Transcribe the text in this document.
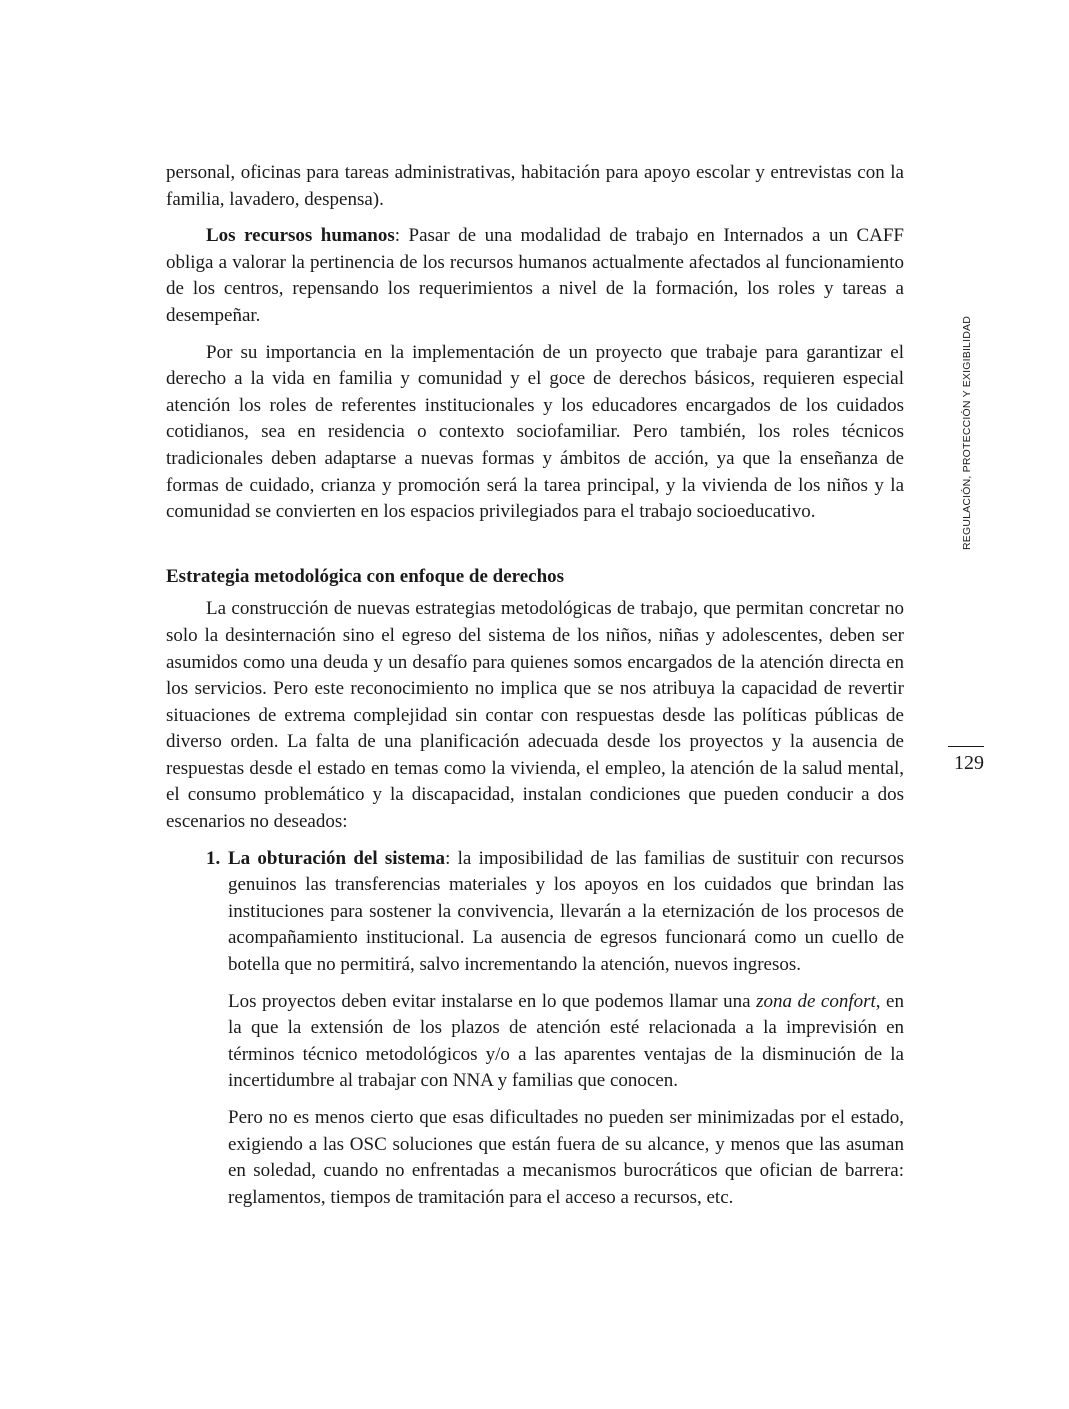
personal, oficinas para tareas administrativas, habitación para apoyo escolar y entrevistas con la familia, lavadero, despensa).

Los recursos humanos: Pasar de una modalidad de trabajo en Internados a un CAFF obliga a valorar la pertinencia de los recursos humanos actualmente afectados al funcionamiento de los centros, repensando los requerimientos a nivel de la formación, los roles y tareas a desempeñar.

Por su importancia en la implementación de un proyecto que trabaje para garantizar el derecho a la vida en familia y comunidad y el goce de derechos básicos, requieren especial atención los roles de referentes institucionales y los educadores encargados de los cuidados cotidianos, sea en residencia o contexto sociofamiliar. Pero también, los roles técnicos tradicionales deben adaptarse a nuevas formas y ámbitos de acción, ya que la enseñanza de formas de cuidado, crianza y promoción será la tarea principal, y la vivienda de los niños y la comunidad se convierten en los espacios privilegiados para el trabajo socioeducativo.

Estrategia metodológica con enfoque de derechos

La construcción de nuevas estrategias metodológicas de trabajo, que permitan concretar no solo la desinternación sino el egreso del sistema de los niños, niñas y adolescentes, deben ser asumidos como una deuda y un desafío para quienes somos encargados de la atención directa en los servicios. Pero este reconocimiento no implica que se nos atribuya la capacidad de revertir situaciones de extrema complejidad sin contar con respuestas desde las políticas públicas de diverso orden. La falta de una planificación adecuada desde los proyectos y la ausencia de respuestas desde el estado en temas como la vivienda, el empleo, la atención de la salud mental, el consumo problemático y la discapacidad, instalan condiciones que pueden conducir a dos escenarios no deseados:

1. La obturación del sistema: la imposibilidad de las familias de sustituir con recursos genuinos las transferencias materiales y los apoyos en los cuidados que brindan las instituciones para sostener la convivencia, llevarán a la eternización de los procesos de acompañamiento institucional. La ausencia de egresos funcionará como un cuello de botella que no permitirá, salvo incrementando la atención, nuevos ingresos.

Los proyectos deben evitar instalarse en lo que podemos llamar una zona de confort, en la que la extensión de los plazos de atención esté relacionada a la imprevisión en términos técnico metodológicos y/o a las aparentes ventajas de la disminución de la incertidumbre al trabajar con NNA y familias que conocen.

Pero no es menos cierto que esas dificultades no pueden ser minimizadas por el estado, exigiendo a las OSC soluciones que están fuera de su alcance, y menos que las asuman en soledad, cuando no enfrentadas a mecanismos burocráticos que ofician de barrera: reglamentos, tiempos de tramitación para el acceso a recursos, etc.

REGULACIÓN, PROTECCIÓN Y EXIGIBILIDAD
129
